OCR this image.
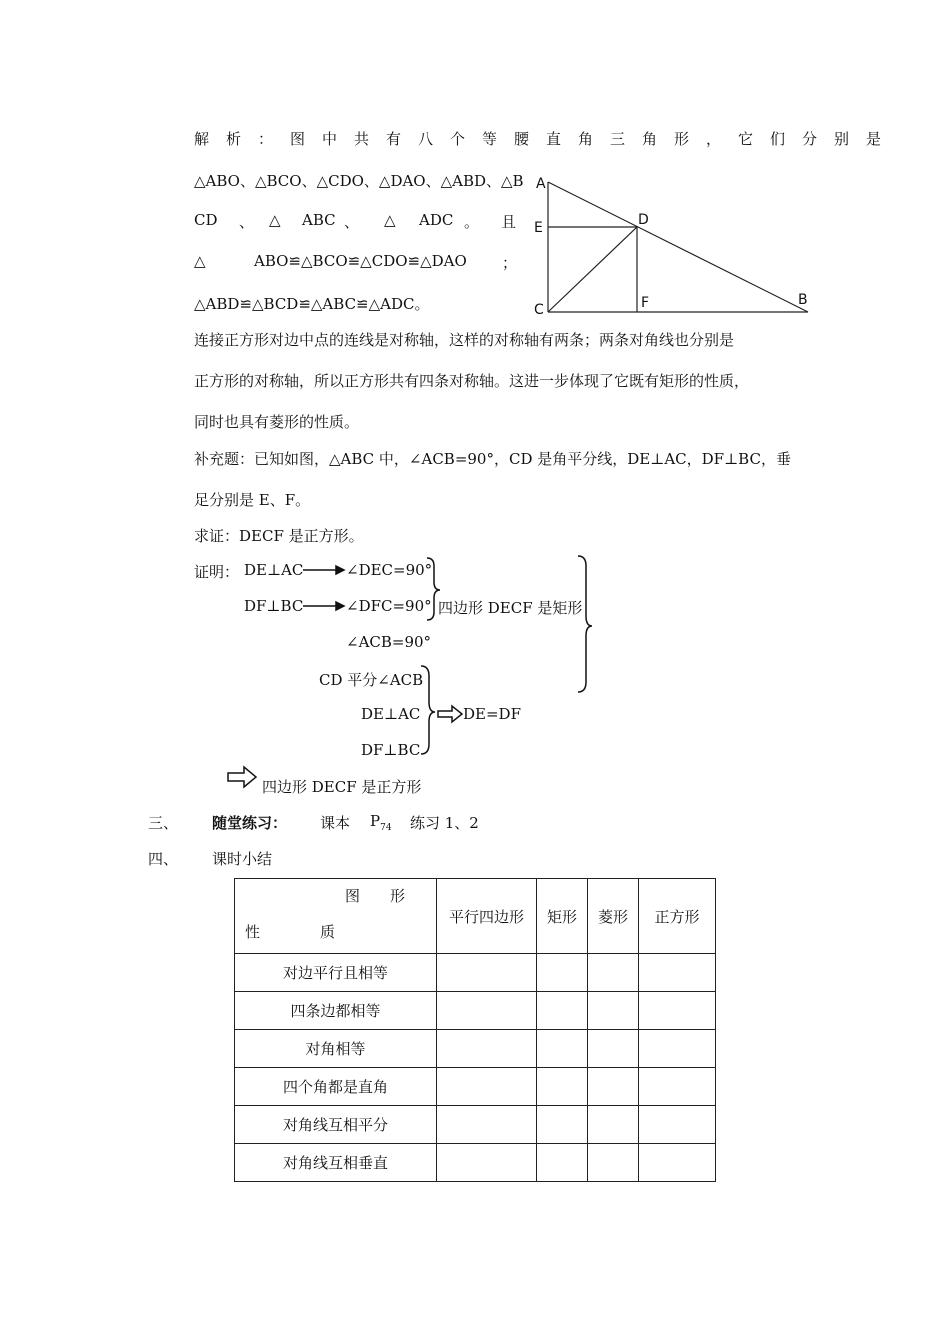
解析：图中共有八个等腰直角三角形，它们分别是
△ABO、△BCO、△CDO、△DAO、△ABD、△B
CD 、 △ ABC 、 △ ADC 。 且
△	ABO≌△BCO≌△CDO≌△DAO ；
△ABD≌△BCD≌△ABC≌△ADC。
A
E	D
C	F	B
连接正方形对边中点的连线是对称轴，这样的对称轴有两条；两条对角线也分别是
正方形的对称轴，所以正方形共有四条对称轴。这进一步体现了它既有矩形的性质，
同时也具有菱形的性质。
补充题：已知如图，△ABC 中，∠ACB=90°，CD 是角平分线，DE⊥AC，DF⊥BC，垂
足分别是 E、F。
求证：DECF 是正方形。
证明： DE⊥AC	∠DEC=90°
DF⊥BC	∠DFC=90°
∠ACB=90°
四边形 DECF 是矩形
CD 平分∠ACB
DE⊥AC
DF⊥BC
DE=DF
四边形 DECF 是正方形
三、 随堂练习： 课本 $P_{74}$ 练习 1、2
四、 课时小结
图　　形
性　　　　质	平行四边形	矩形	菱形	正方形
对边平行且相等				
四条边都相等				
对角相等				
四个角都是直角				
对角线互相平分				
对角线互相垂直				
